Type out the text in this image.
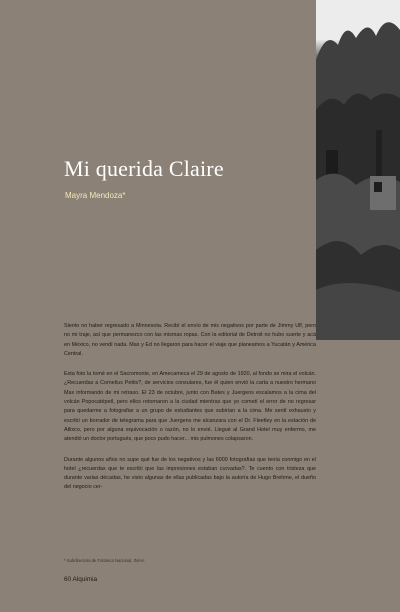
Mi querida Claire

Mayra Mendoza*

Siento no haber regresado a Minnesota. Recibí el envío de mis negativos por parte de Jimmy Ulf, pero no mi traje, así que permanezco con las mismas ropas. Con la editorial de Detroit no hubo suerte y acá en México, no vendí nada. Max y Ed no llegaron para hacer el viaje que planeamos a Yucatán y América Central.

Esta foto la tomé en el Sacromonte, en Amecameca el 29 de agosto de 1920, al fondo se mira el volcán. ¿Recuerdas a Cornelius Pettis?, de servicios consulares, fue él quien envió la carta a nuestro hermano Max informando de mi retraso. El 23 de octubre, junto con Bates y Juergens escalamos a la cima del volcán Popocatépetl, pero ellos retornaron a la ciudad mientras que yo cometí el error de no regresar para quedarme a fotografiar a un grupo de estudiantes que subirían a la cima. Me sentí exhausto y escribí un borrador de telegrama para que Juergens me alcanzara con el Dr. Fleetley en la estación de Atlixco, pero por alguna equivocación o razón, no lo envié. Llegué al Grand Hotel muy enfermo, me atendió un doctor portugués, que poco pudo hacer... mis pulmones colapsaron.

Durante algunos años no supe qué fue de los negativos y las 6000 fotografías que tenía conmigo en el hotel ¿recuerdas que te escribí que las impresiones estaban curvadas?. Te cuento con tristeza que durante varias décadas, he visto algunas de ellas publicadas bajo la autoría de Hugo Brehme, el dueño del negocio cer-

* Subdirectora de Fototeca Nacional, INAH.

60 Alquimia
